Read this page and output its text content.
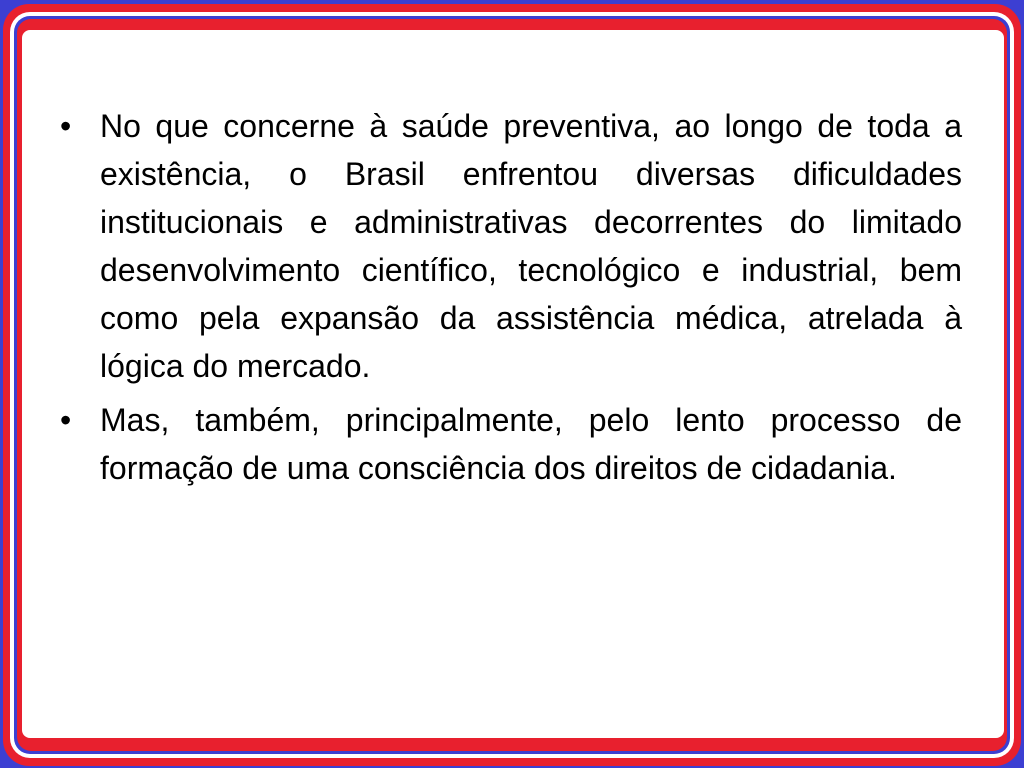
• No que concerne à saúde preventiva, ao longo de toda a existência, o Brasil enfrentou diversas dificuldades institucionais e administrativas decorrentes do limitado desenvolvimento científico, tecnológico e industrial, bem como pela expansão da assistência médica, atrelada à lógica do mercado.
• Mas, também, principalmente, pelo lento processo de formação de uma consciência dos direitos de cidadania.
